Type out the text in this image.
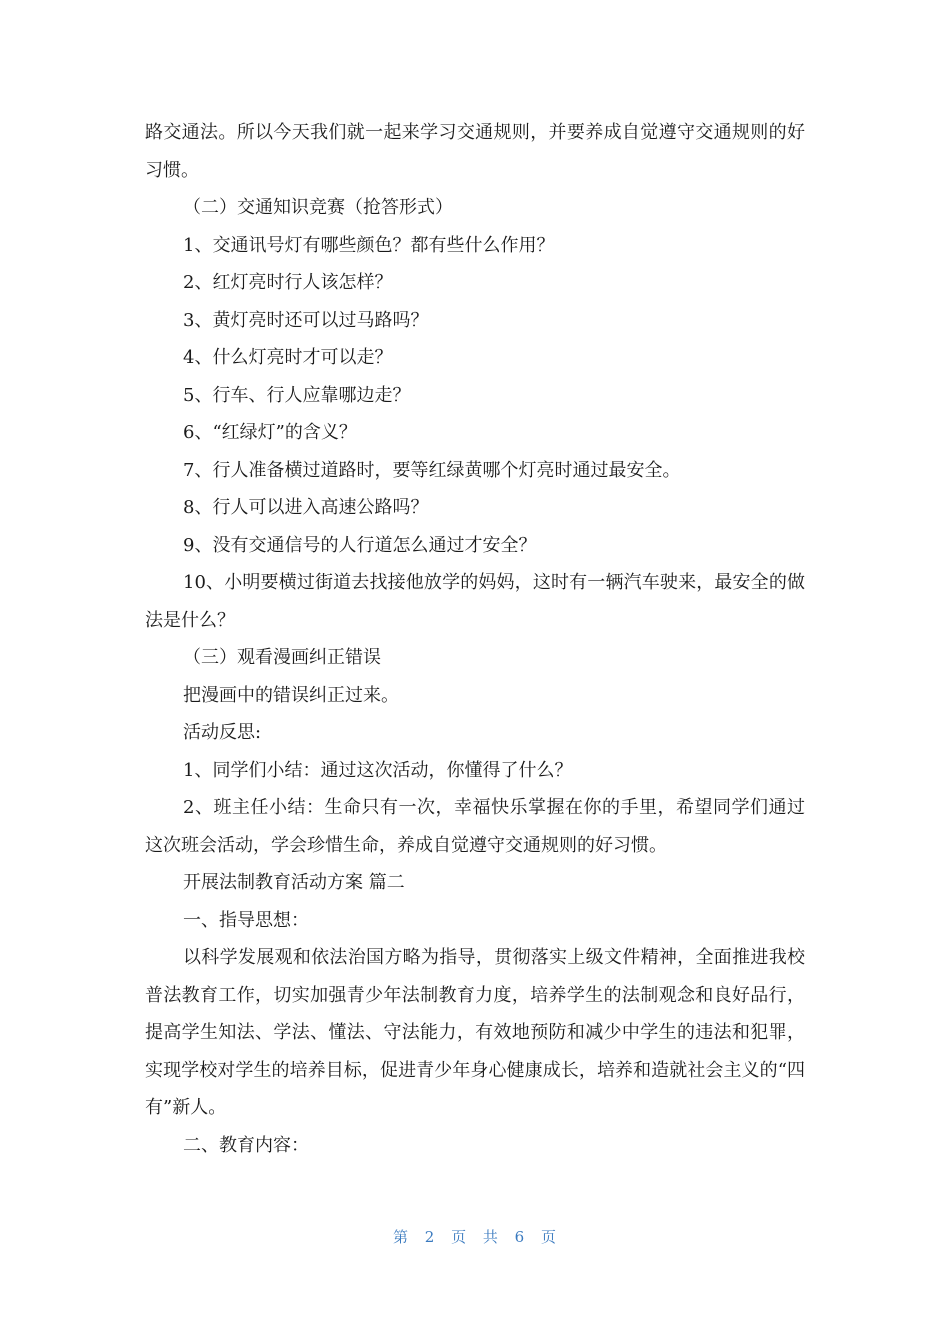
路交通法。所以今天我们就一起来学习交通规则，并要养成自觉遵守交通规则的好习惯。

（二）交通知识竞赛（抢答形式）

1、交通讯号灯有哪些颜色？都有些什么作用？

2、红灯亮时行人该怎样？

3、黄灯亮时还可以过马路吗？

4、什么灯亮时才可以走？

5、行车、行人应靠哪边走？

6、“红绿灯”的含义？

7、行人准备横过道路时，要等红绿黄哪个灯亮时通过最安全。

8、行人可以进入高速公路吗？

9、没有交通信号的人行道怎么通过才安全？

10、小明要横过街道去找接他放学的妈妈，这时有一辆汽车驶来，最安全的做法是什么？

（三）观看漫画纠正错误

把漫画中的错误纠正过来。

活动反思:

1、同学们小结：通过这次活动，你懂得了什么？

2、班主任小结：生命只有一次，幸福快乐掌握在你的手里，希望同学们通过这次班会活动，学会珍惜生命，养成自觉遵守交通规则的好习惯。

开展法制教育活动方案 篇二

一、指导思想：

以科学发展观和依法治国方略为指导，贯彻落实上级文件精神，全面推进我校普法教育工作，切实加强青少年法制教育力度，培养学生的法制观念和良好品行，提高学生知法、学法、懂法、守法能力，有效地预防和减少中学生的违法和犯罪，实现学校对学生的培养目标，促进青少年身心健康成长，培养和造就社会主义的“四有”新人。

二、教育内容：

第 2 页 共 6 页
